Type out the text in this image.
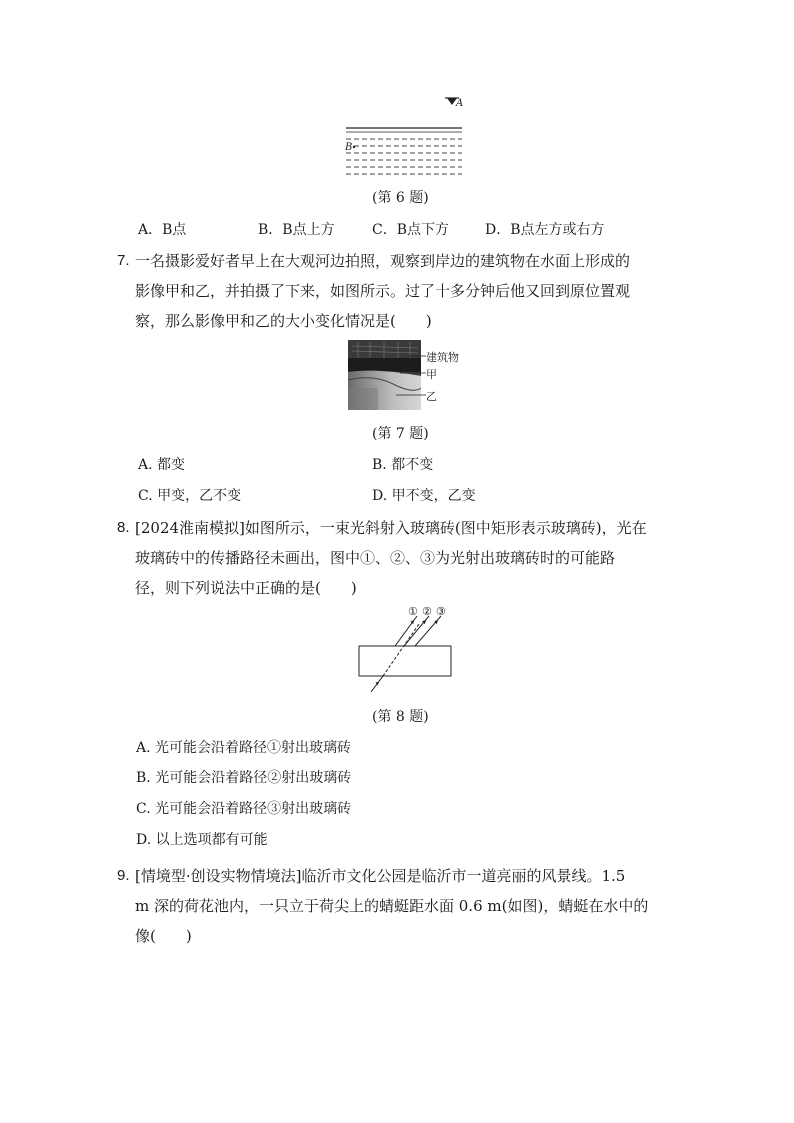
A
B
(第 6 题)
A．B点	B．B点上方	C．B点下方	D．B点左方或右方
7. 一名摄影爱好者早上在大观河边拍照，观察到岸边的建筑物在水面上形成的
影像甲和乙，并拍摄了下来，如图所示。过了十多分钟后他又回到原位置观
察，那么影像甲和乙的大小变化情况是(　　)
建筑物
甲
乙
(第 7 题)
A. 都变	B. 都不变
C. 甲变，乙不变	D. 甲不变，乙变
8. [2024淮南模拟]如图所示，一束光斜射入玻璃砖(图中矩形表示玻璃砖)，光在
玻璃砖中的传播路径未画出，图中①、②、③为光射出玻璃砖时的可能路
径，则下列说法中正确的是(　　)
① ② ③
(第 8 题)
A. 光可能会沿着路径①射出玻璃砖
B. 光可能会沿着路径②射出玻璃砖
C. 光可能会沿着路径③射出玻璃砖
D. 以上选项都有可能
9. [情境型·创设实物情境法]临沂市文化公园是临沂市一道亮丽的风景线。1.5
m 深的荷花池内，一只立于荷尖上的蜻蜓距水面 0.6 m(如图)，蜻蜓在水中的
像(　　)
